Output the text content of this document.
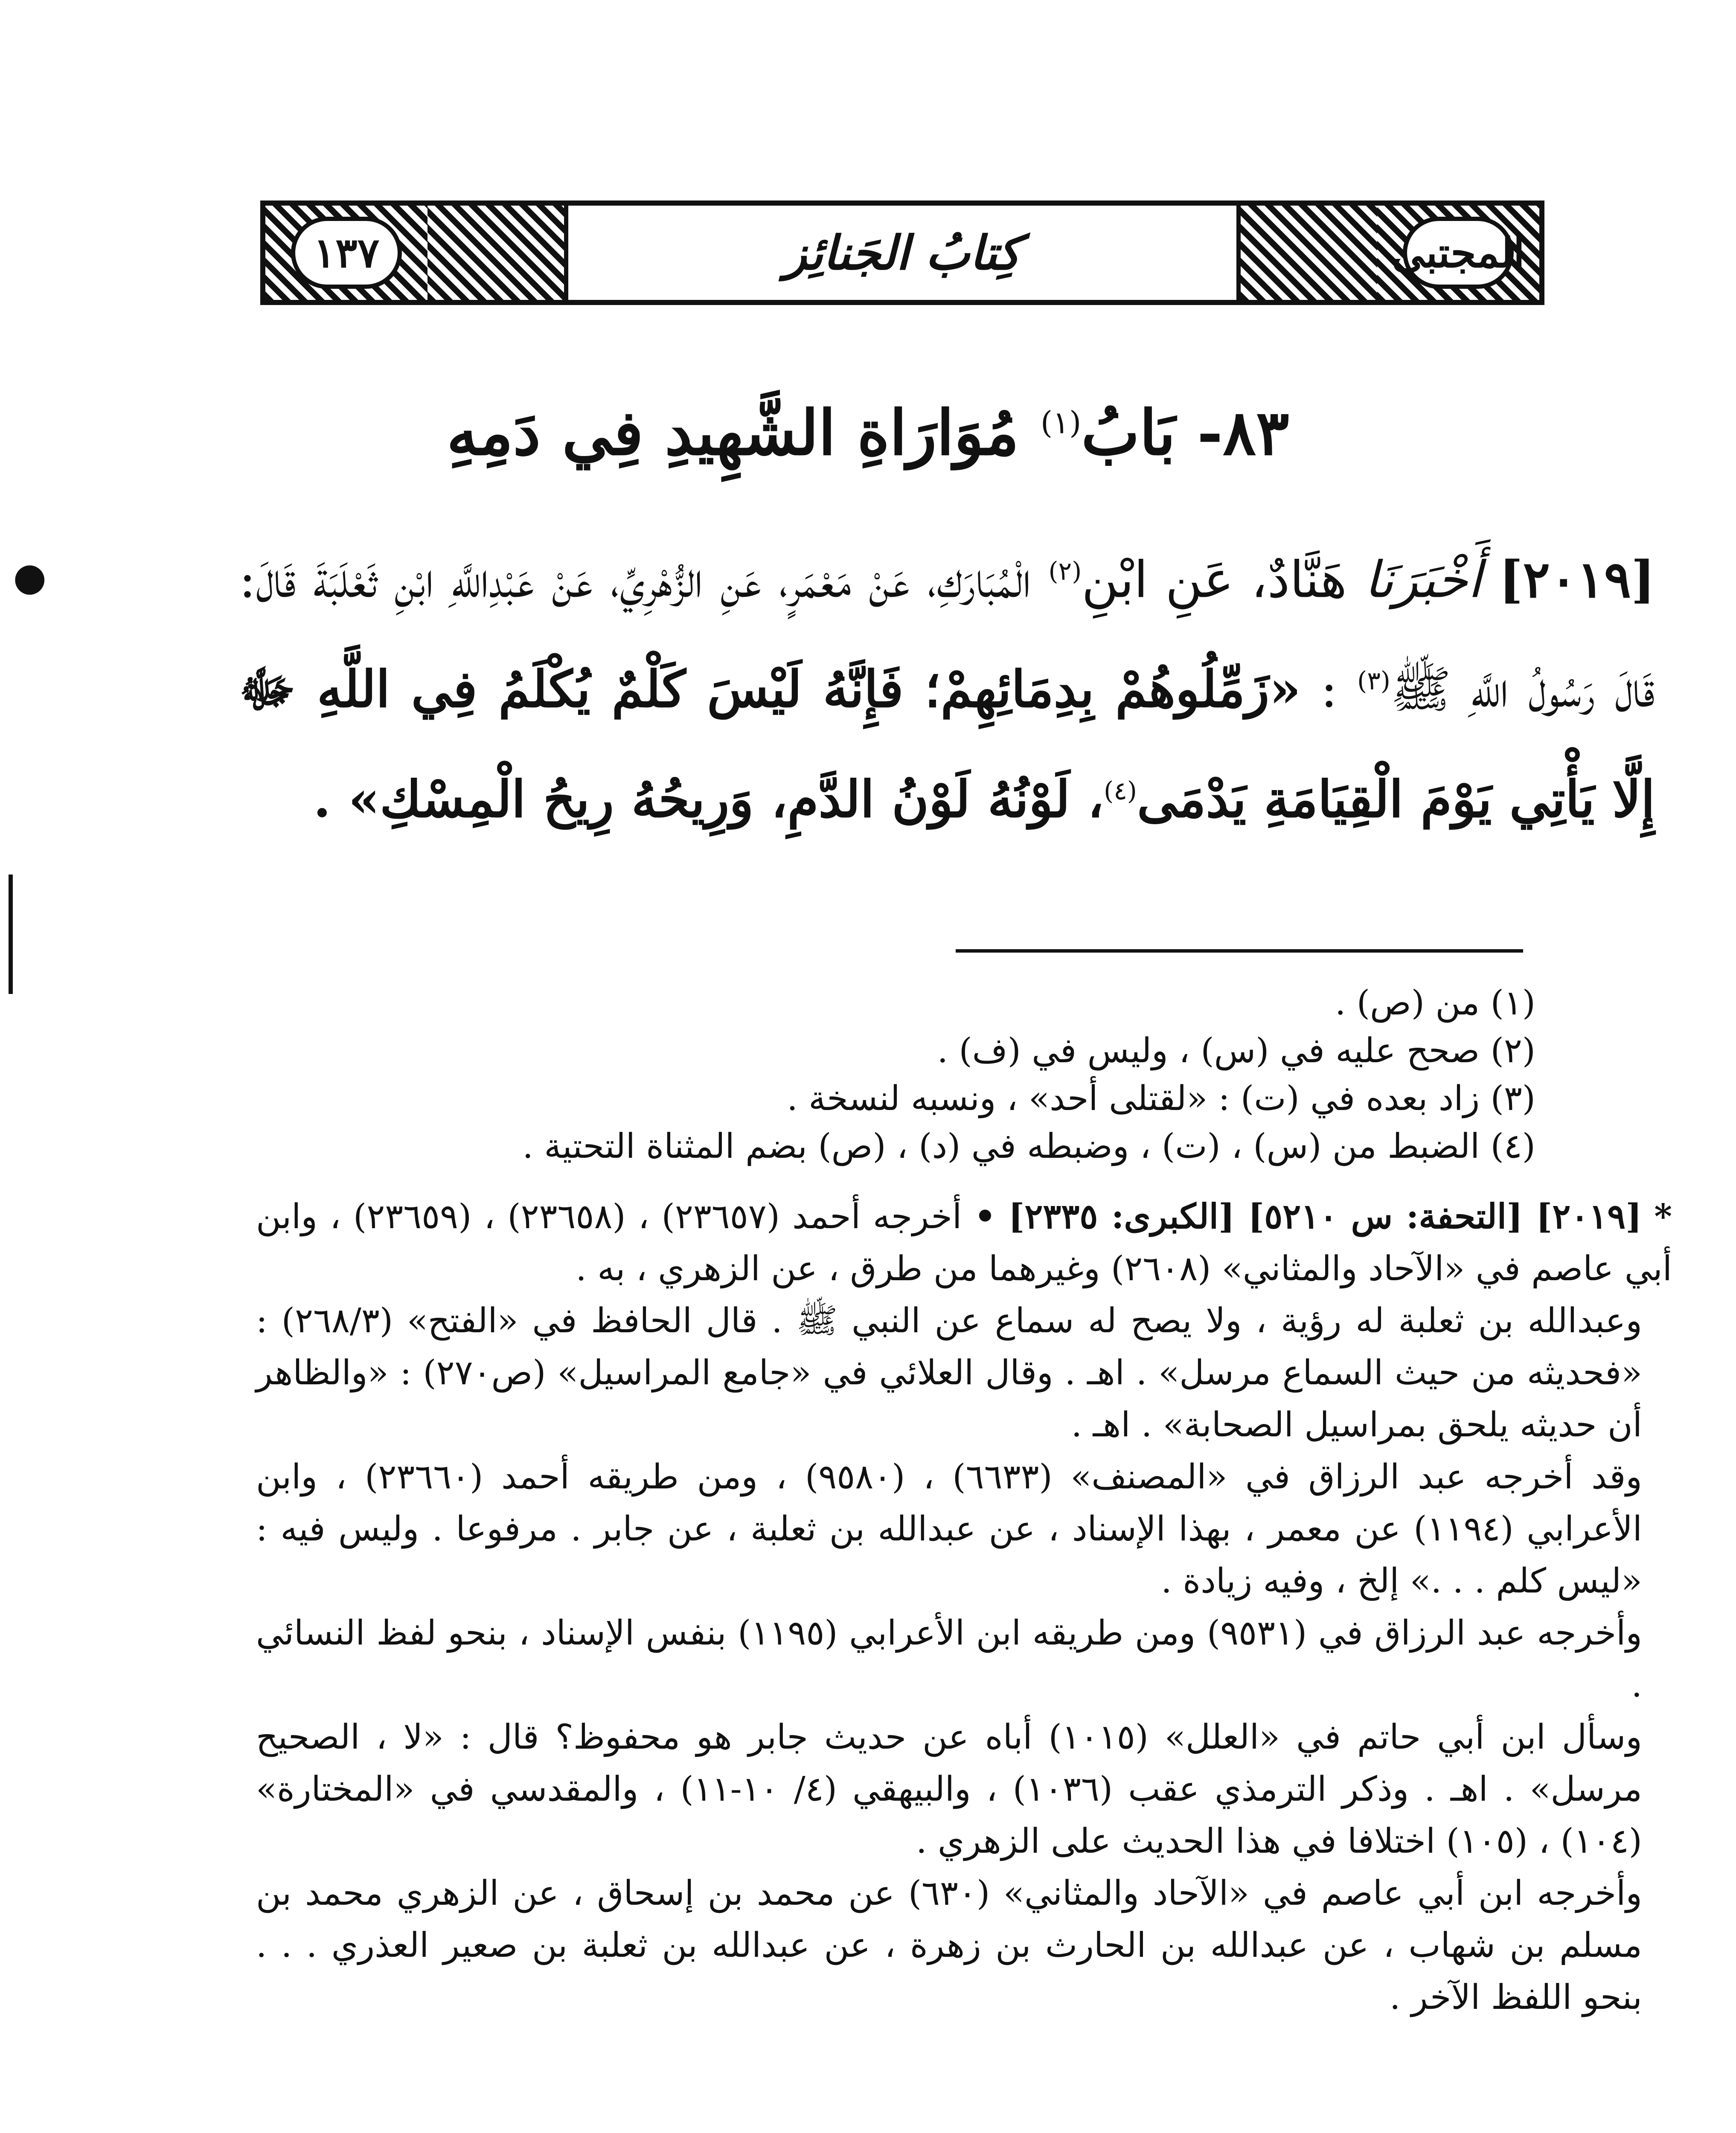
المجتبى
كِتابُ الجَنائِز
١٣٧
٨٣- بَابُ$^{(١)}$ مُوَارَاةِ الشَّهِيدِ فِي دَمِهِ
●	[٢٠١٩] أَخْبَرَنَا هَنَّادٌ، عَنِ ابْنِ$^{(٢)}$ الْمُبَارَكِ، عَنْ مَعْمَرٍ، عَنِ الزُّهْرِيِّ، عَنْ عَبْدِاللَّهِ ابْنِ ثَعْلَبَةَ قَالَ: قَالَ رَسُولُ اللَّهِ ﷺ$^{(٣)}$ : «زَمِّلُوهُمْ بِدِمَائِهِمْ؛ فَإِنَّهُ لَيْسَ كَلْمٌ يُكْلَمُ فِي اللَّهِ ﷻ إِلَّا يَأْتِي يَوْمَ الْقِيَامَةِ يَدْمَى$^{(٤)}$، لَوْنُهُ لَوْنُ الدَّمِ، وَرِيحُهُ رِيحُ الْمِسْكِ» .
(١) من (ص) .
(٢) صحح عليه في (س) ، وليس في (ف) .
(٣) زاد بعده في (ت) : «لقتلى أحد» ، ونسبه لنسخة .
(٤) الضبط من (س) ، (ت) ، وضبطه في (د) ، (ص) بضم المثناة التحتية .

* [٢٠١٩] [التحفة: س ٥٢١٠] [الكبرى: ٢٣٣٥] • أخرجه أحمد (٢٣٦٥٧) ، (٢٣٦٥٨) ، (٢٣٦٥٩) ، وابن أبي عاصم في «الآحاد والمثاني» (٢٦٠٨) وغيرهما من طرق ، عن الزهري ، به .

وعبدالله بن ثعلبة له رؤية ، ولا يصح له سماع عن النبي ﷺ . قال الحافظ في «الفتح» (٢٦٨/٣) : «فحديثه من حيث السماع مرسل» . اهـ . وقال العلائي في «جامع المراسيل» (ص٢٧٠) : «والظاهر أن حديثه يلحق بمراسيل الصحابة» . اهـ .

وقد أخرجه عبد الرزاق في «المصنف» (٦٦٣٣) ، (٩٥٨٠) ، ومن طريقه أحمد (٢٣٦٦٠) ، وابن الأعرابي (١١٩٤) عن معمر ، بهذا الإسناد ، عن عبدالله بن ثعلبة ، عن جابر . مرفوعا . وليس فيه : «ليس كلم . . .» إلخ ، وفيه زيادة .

وأخرجه عبد الرزاق في (٩٥٣١) ومن طريقه ابن الأعرابي (١١٩٥) بنفس الإسناد ، بنحو لفظ النسائي .

وسأل ابن أبي حاتم في «العلل» (١٠١٥) أباه عن حديث جابر هو محفوظ؟ قال : «لا ، الصحيح مرسل» . اهـ . وذكر الترمذي عقب (١٠٣٦) ، والبيهقي (٤/ ١٠-١١) ، والمقدسي في «المختارة» (١٠٤) ، (١٠٥) اختلافا في هذا الحديث على الزهري .

وأخرجه ابن أبي عاصم في «الآحاد والمثاني» (٦٣٠) عن محمد بن إسحاق ، عن الزهري محمد بن مسلم بن شهاب ، عن عبدالله بن الحارث بن زهرة ، عن عبدالله بن ثعلبة بن صعير العذري . . . بنحو اللفظ الآخر .
